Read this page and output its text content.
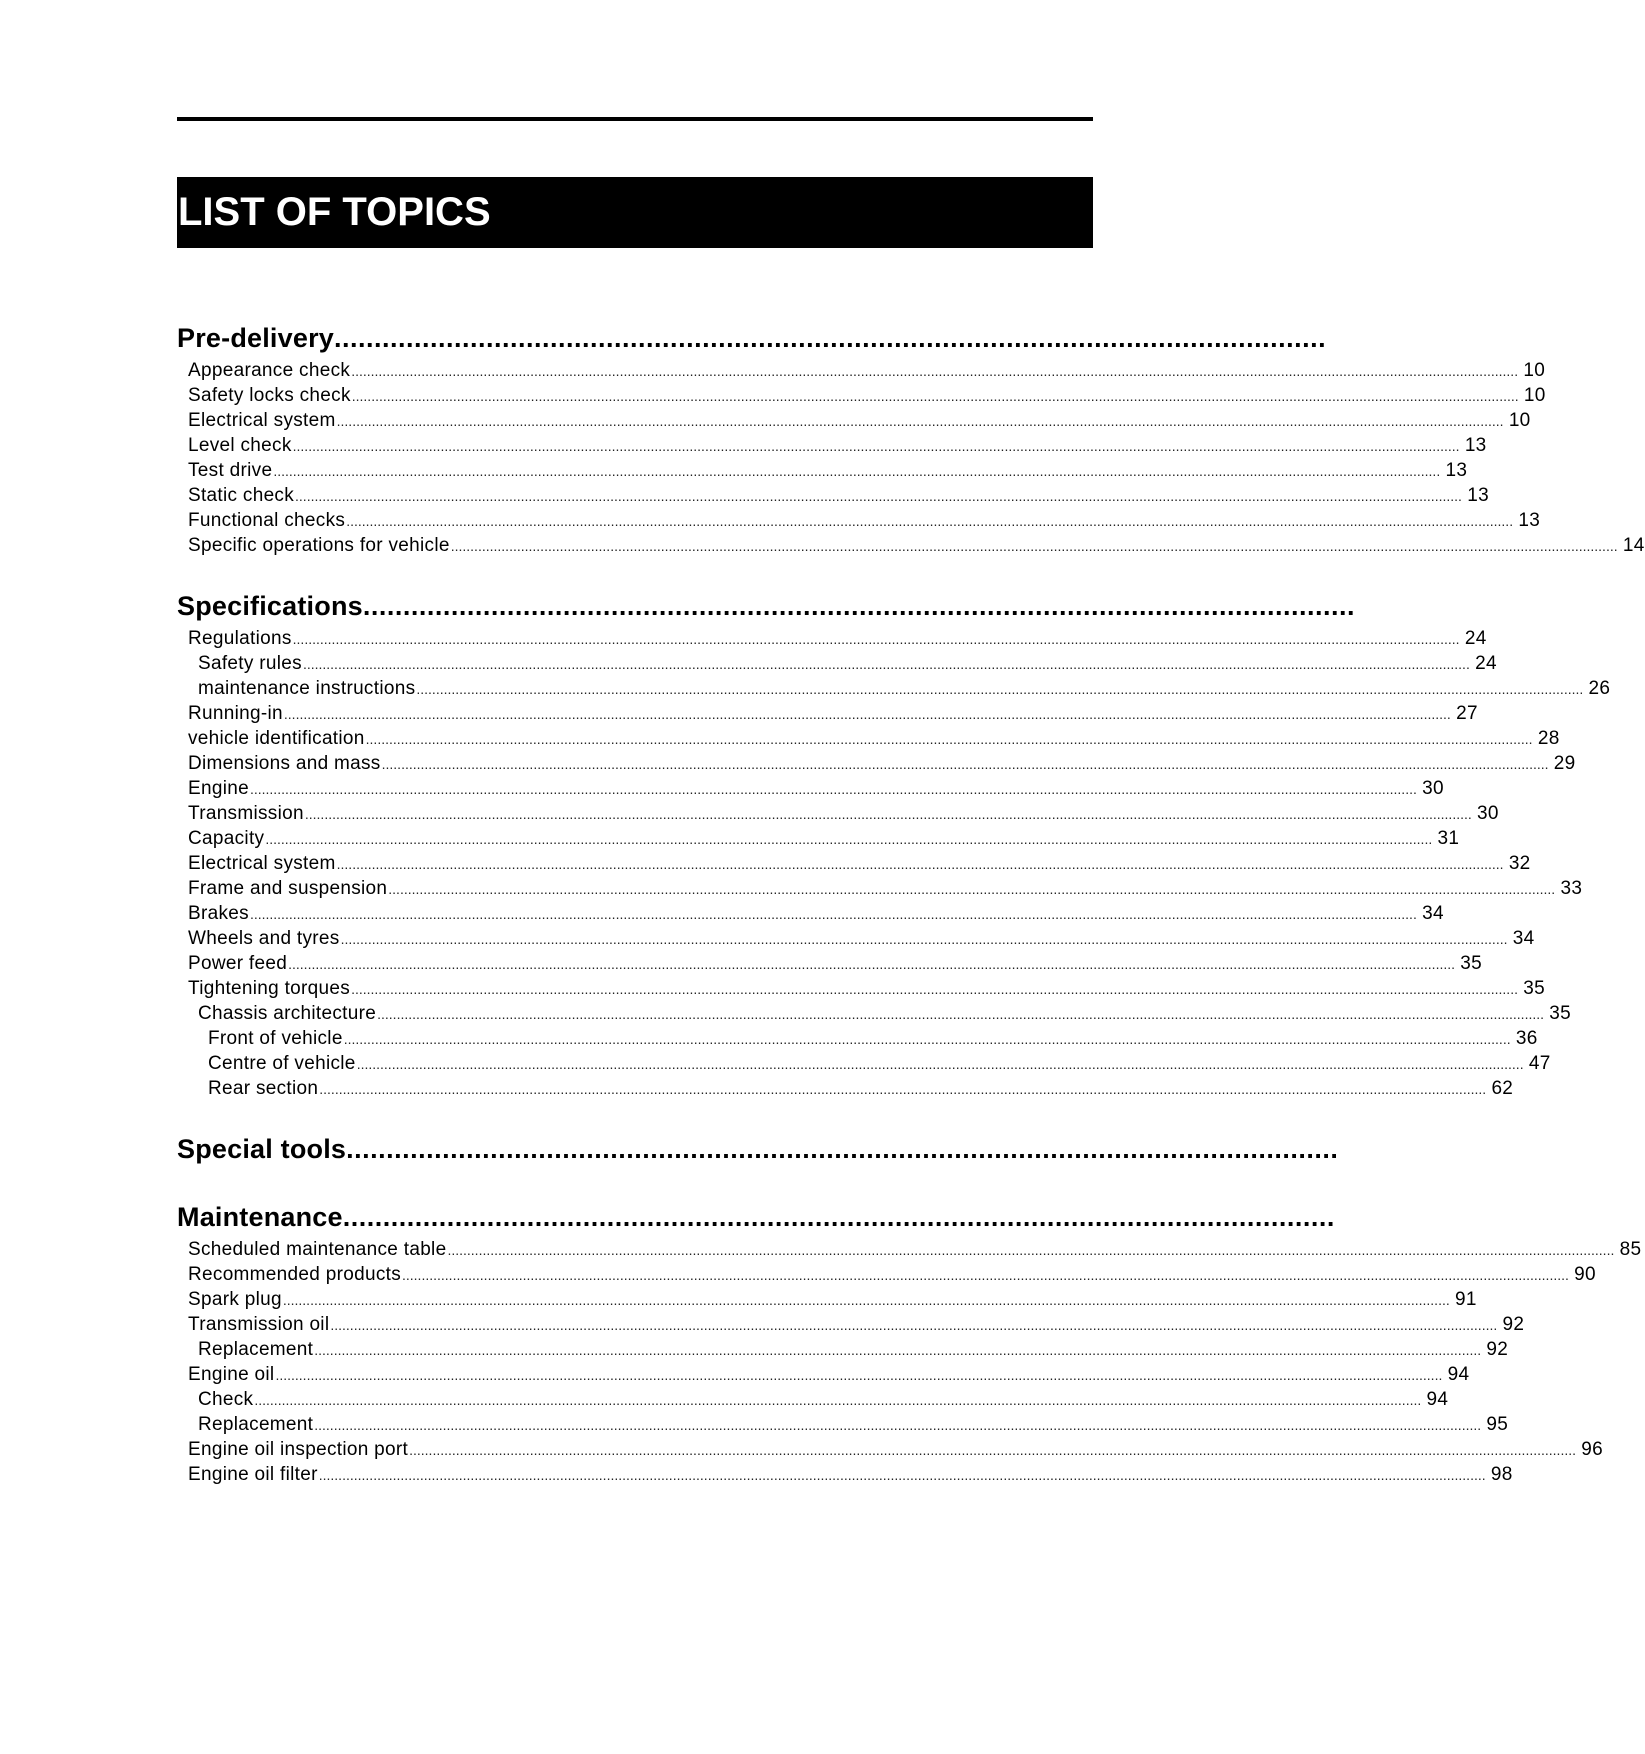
LIST OF TOPICS
Pre-delivery............................................................................................................................
Appearance check .....	10
Safety locks check .....	10
Electrical system .....	10
Level check .....	13
Test drive .....	13
Static check .....	13
Functional checks .....	13
Specific operations for vehicle .....	14
Specifications............................................................................................................................
Regulations .....	24
Safety rules .....	24
maintenance instructions .....	26
Running-in .....	27
vehicle identification .....	28
Dimensions and mass .....	29
Engine .....	30
Transmission .....	30
Capacity .....	31
Electrical system .....	32
Frame and suspension .....	33
Brakes .....	34
Wheels and tyres .....	34
Power feed .....	35
Tightening torques .....	35
Chassis architecture .....	35
Front of vehicle .....	36
Centre of vehicle .....	47
Rear section .....	62
Special tools............................................................................................................................
Maintenance............................................................................................................................
Scheduled maintenance table .....	85
Recommended products .....	90
Spark plug .....	91
Transmission oil .....	92
Replacement .....	92
Engine oil .....	94
Check .....	94
Replacement .....	95
Engine oil inspection port .....	96
Engine oil filter .....	98
